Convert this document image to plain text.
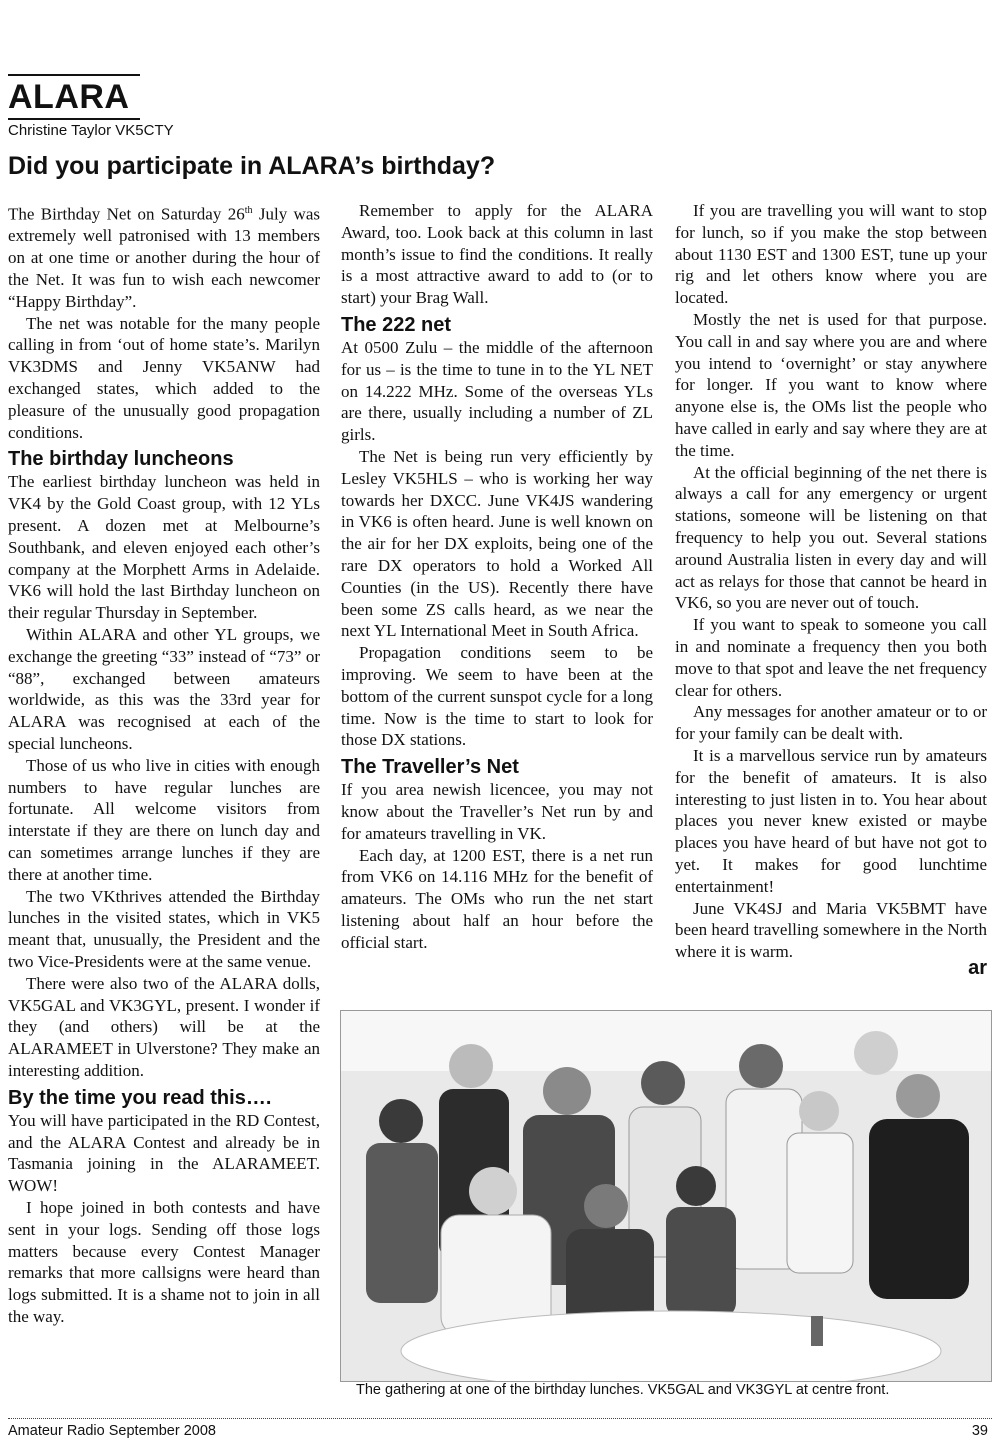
ALARA
Christine Taylor VK5CTY
Did you participate in ALARA’s birthday?

The Birthday Net on Saturday 26th July was extremely well patronised with 13 members on at one time or another during the hour of the Net. It was fun to wish each newcomer “Happy Birthday”.

The net was notable for the many people calling in from ‘out of home state’s. Marilyn VK3DMS and Jenny VK5ANW had exchanged states, which added to the pleasure of the unusually good propagation conditions.

The birthday luncheons

The earliest birthday luncheon was held in VK4 by the Gold Coast group, with 12 YLs present. A dozen met at Melbourne’s Southbank, and eleven enjoyed each other’s company at the Morphett Arms in Adelaide. VK6 will hold the last Birthday luncheon on their regular Thursday in September.

Within ALARA and other YL groups, we exchange the greeting “33” instead of “73” or “88”, exchanged between amateurs worldwide, as this was the 33rd year for ALARA was recognised at each of the special luncheons.

Those of us who live in cities with enough numbers to have regular lunches are fortunate. All welcome visitors from interstate if they are there on lunch day and can sometimes arrange lunches if they are there at another time.

The two VKthrives attended the Birthday lunches in the visited states, which in VK5 meant that, unusually, the President and the two Vice-Presidents were at the same venue.

There were also two of the ALARA dolls, VK5GAL and VK3GYL, present. I wonder if they (and others) will be at the ALARAMEET in Ulverstone? They make an interesting addition.

By the time you read this….

You will have participated in the RD Contest, and the ALARA Contest and already be in Tasmania joining in the ALARAMEET. WOW!

I hope joined in both contests and have sent in your logs. Sending off those logs matters because every Contest Manager remarks that more callsigns were heard than logs submitted. It is a shame not to join in all the way.

Remember to apply for the ALARA Award, too. Look back at this column in last month’s issue to find the conditions. It really is a most attractive award to add to (or to start) your Brag Wall.

The 222 net

At 0500 Zulu – the middle of the afternoon for us – is the time to tune in to the YL NET on 14.222 MHz. Some of the overseas YLs are there, usually including a number of ZL girls.

The Net is being run very efficiently by Lesley VK5HLS – who is working her way towards her DXCC. June VK4JS wandering in VK6 is often heard. June is well known on the air for her DX exploits, being one of the rare DX operators to hold a Worked All Counties (in the US). Recently there have been some ZS calls heard, as we near the next YL International Meet in South Africa.

Propagation conditions seem to be improving. We seem to have been at the bottom of the current sunspot cycle for a long time. Now is the time to start to look for those DX stations.

The Traveller’s Net

If you area newish licencee, you may not know about the Traveller’s Net run by and for amateurs travelling in VK.

Each day, at 1200 EST, there is a net run from VK6 on 14.116 MHz for the benefit of amateurs. The OMs who run the net start listening about half an hour before the official start.

If you are travelling you will want to stop for lunch, so if you make the stop between about 1130 EST and 1300 EST, tune up your rig and let others know where you are located.

Mostly the net is used for that purpose. You call in and say where you are and where you intend to ‘overnight’ or stay anywhere for longer. If you want to know where anyone else is, the OMs list the people who have called in early and say where they are at the time.

At the official beginning of the net there is always a call for any emergency or urgent stations, someone will be listening on that frequency to help you out. Several stations around Australia listen in every day and will act as relays for those that cannot be heard in VK6, so you are never out of touch.

If you want to speak to someone you call in and nominate a frequency then you both move to that spot and leave the net frequency clear for others.

Any messages for another amateur or to or for your family can be dealt with.

It is a marvellous service run by amateurs for the benefit of amateurs. It is also interesting to just listen in to. You hear about places you never knew existed or maybe places you have heard of but have not got to yet. It makes for good lunchtime entertainment!

June VK4SJ and Maria VK5BMT have been heard travelling somewhere in the North where it is warm.

ar
The gathering at one of the birthday lunches. VK5GAL and VK3GYL at centre front.
Amateur Radio September 2008	39
